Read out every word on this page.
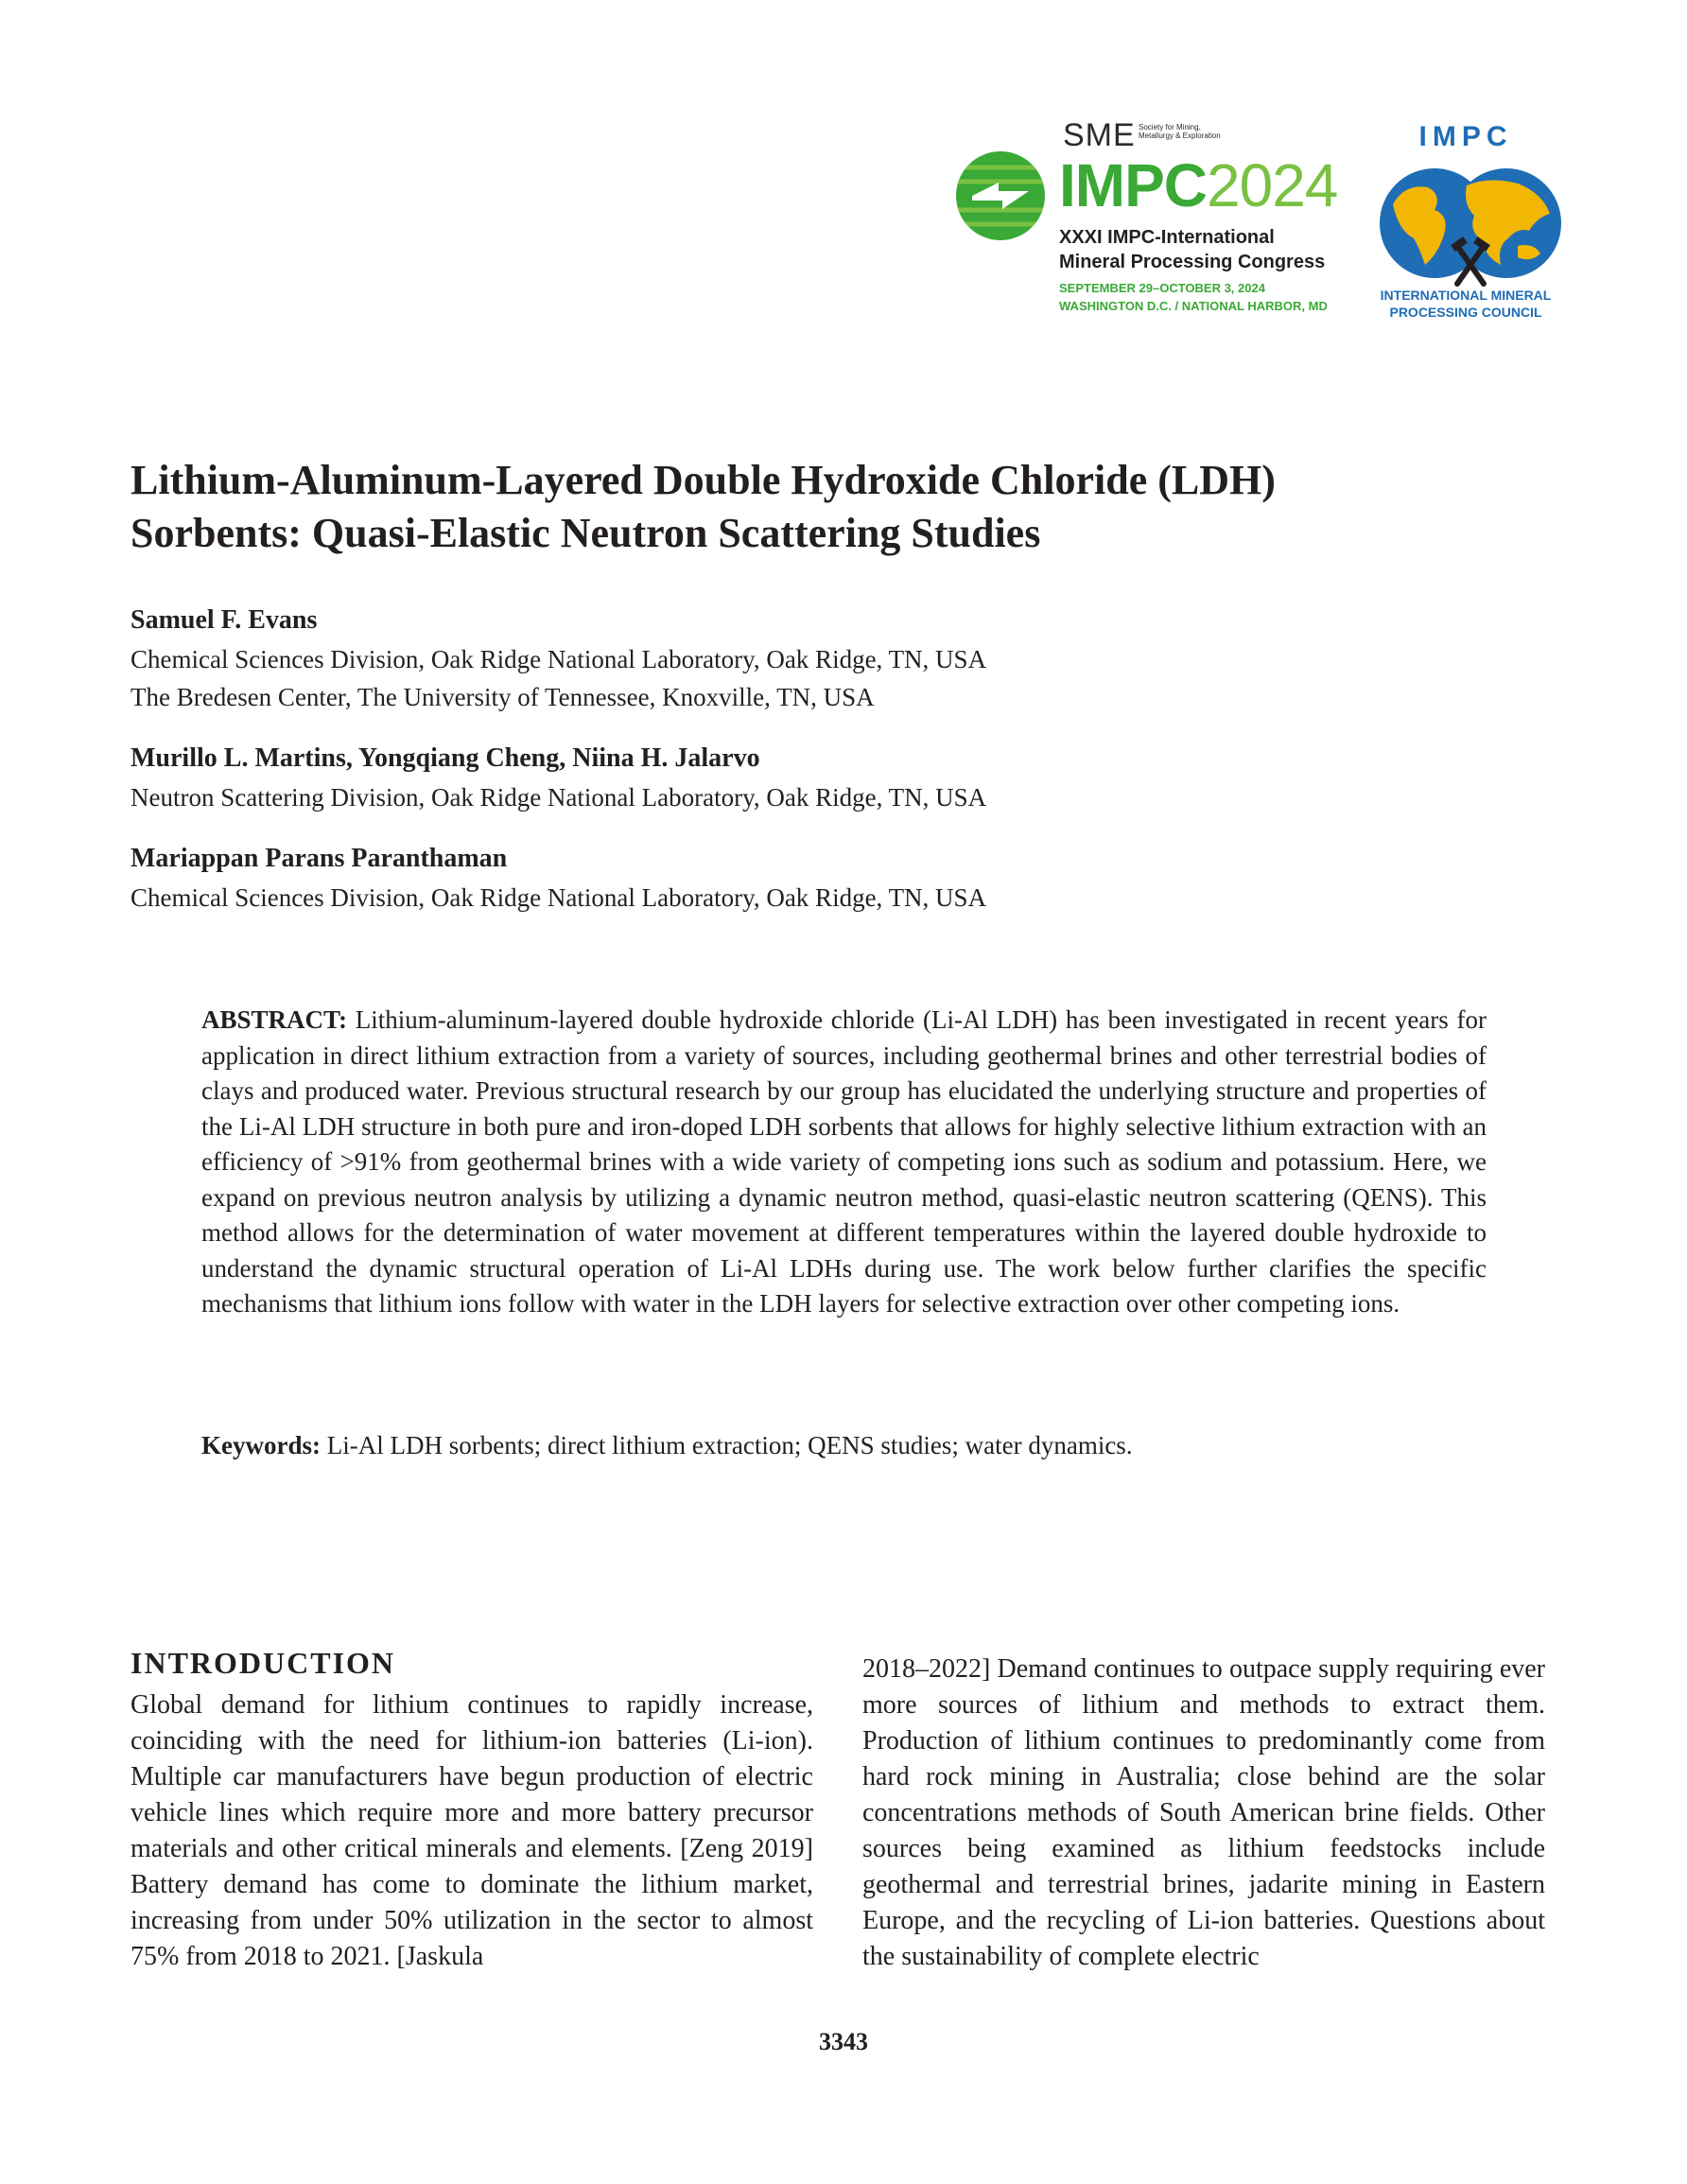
SME Society for Mining, Metallurgy & Exploration
IMPC2024
XXXI IMPC-International
Mineral Processing Congress
SEPTEMBER 29–OCTOBER 3, 2024
WASHINGTON D.C. / NATIONAL HARBOR, MD
IMPC
INTERNATIONAL MINERAL
PROCESSING COUNCIL
Lithium-Aluminum-Layered Double Hydroxide Chloride (LDH)
Sorbents: Quasi-Elastic Neutron Scattering Studies
Samuel F. Evans
Chemical Sciences Division, Oak Ridge National Laboratory, Oak Ridge, TN, USA
The Bredesen Center, The University of Tennessee, Knoxville, TN, USA
Murillo L. Martins, Yongqiang Cheng, Niina H. Jalarvo
Neutron Scattering Division, Oak Ridge National Laboratory, Oak Ridge, TN, USA
Mariappan Parans Paranthaman
Chemical Sciences Division, Oak Ridge National Laboratory, Oak Ridge, TN, USA
ABSTRACT: Lithium-aluminum-layered double hydroxide chloride (Li-Al LDH) has been investigated in recent years for application in direct lithium extraction from a variety of sources, including geothermal brines and other terrestrial bodies of clays and produced water. Previous structural research by our group has elucidated the underlying structure and properties of the Li-Al LDH structure in both pure and iron-doped LDH sorbents that allows for highly selective lithium extraction with an efficiency of >91% from geothermal brines with a wide variety of competing ions such as sodium and potassium. Here, we expand on previous neutron analysis by utilizing a dynamic neutron method, quasi-elastic neutron scattering (QENS). This method allows for the determination of water movement at different temperatures within the layered double hydroxide to understand the dynamic structural operation of Li-Al LDHs during use. The work below further clarifies the specific mechanisms that lithium ions follow with water in the LDH layers for selective extraction over other competing ions.
Keywords: Li-Al LDH sorbents; direct lithium extraction; QENS studies; water dynamics.
INTRODUCTION
Global demand for lithium continues to rapidly increase, coinciding with the need for lithium-ion batteries (Li-ion). Multiple car manufacturers have begun production of electric vehicle lines which require more and more battery precursor materials and other critical minerals and elements. [Zeng 2019] Battery demand has come to dominate the lithium market, increasing from under 50% utilization in the sector to almost 75% from 2018 to 2021. [Jaskula
2018–2022] Demand continues to outpace supply requiring ever more sources of lithium and methods to extract them. Production of lithium continues to predominantly come from hard rock mining in Australia; close behind are the solar concentrations methods of South American brine fields. Other sources being examined as lithium feedstocks include geothermal and terrestrial brines, jadarite mining in Eastern Europe, and the recycling of Li-ion batteries. Questions about the sustainability of complete electric
3343
